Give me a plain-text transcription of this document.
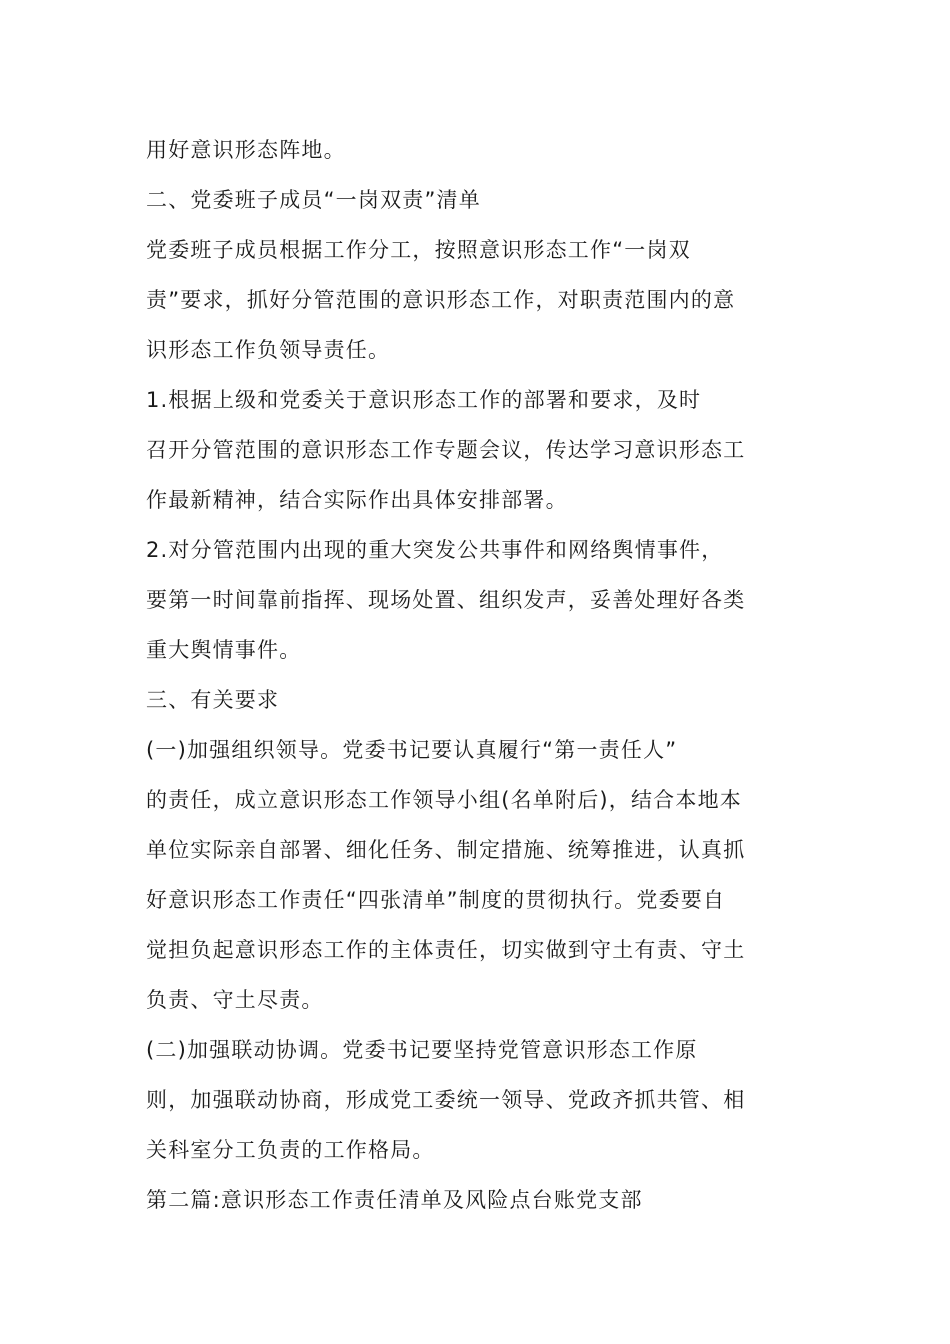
用好意识形态阵地。
二、党委班子成员“一岗双责”清单
党委班子成员根据工作分工，按照意识形态工作“一岗双
责”要求，抓好分管范围的意识形态工作，对职责范围内的意
识形态工作负领导责任。
1.根据上级和党委关于意识形态工作的部署和要求，及时
召开分管范围的意识形态工作专题会议，传达学习意识形态工
作最新精神，结合实际作出具体安排部署。
2.对分管范围内出现的重大突发公共事件和网络舆情事件，
要第一时间靠前指挥、现场处置、组织发声，妥善处理好各类
重大舆情事件。
三、有关要求
(一)加强组织领导。党委书记要认真履行“第一责任人”
的责任，成立意识形态工作领导小组(名单附后)，结合本地本
单位实际亲自部署、细化任务、制定措施、统筹推进，认真抓
好意识形态工作责任“四张清单”制度的贯彻执行。党委要自
觉担负起意识形态工作的主体责任，切实做到守土有责、守土
负责、守土尽责。
(二)加强联动协调。党委书记要坚持党管意识形态工作原
则，加强联动协商，形成党工委统一领导、党政齐抓共管、相
关科室分工负责的工作格局。
第二篇:意识形态工作责任清单及风险点台账党支部
